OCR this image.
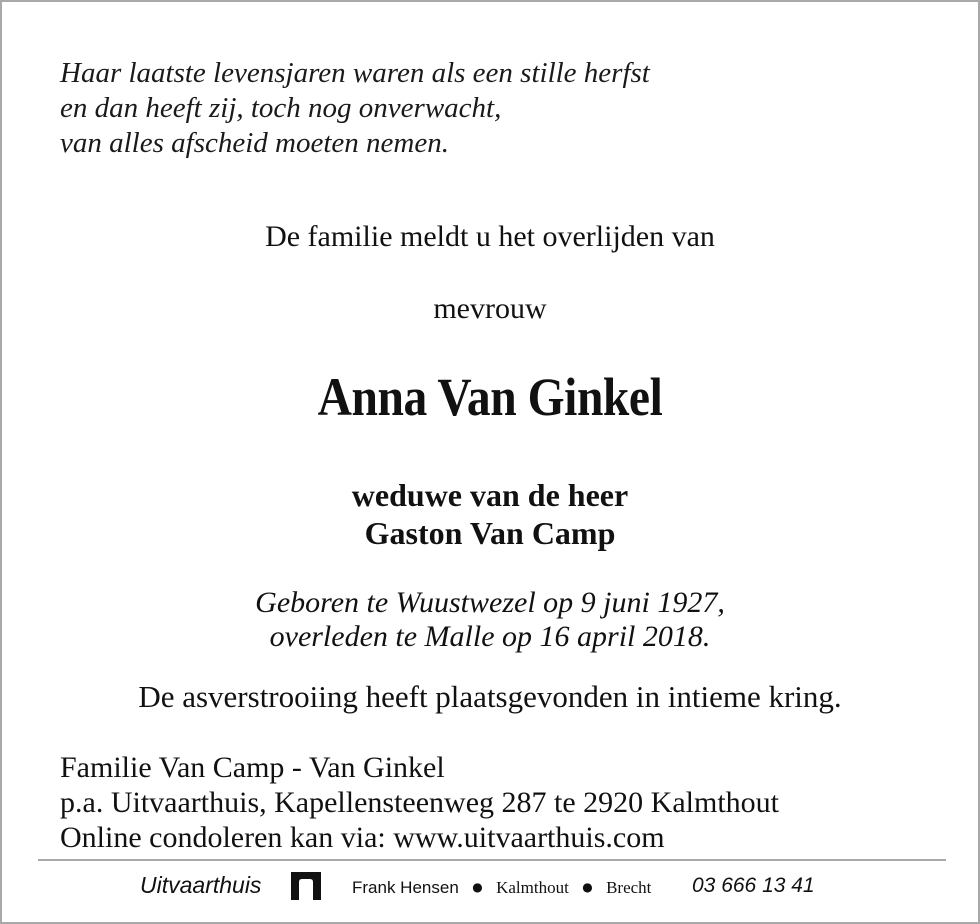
Haar laatste levensjaren waren als een stille herfst
en dan heeft zij, toch nog onverwacht,
van alles afscheid moeten nemen.
De familie meldt u het overlijden van
mevrouw
Anna Van Ginkel
weduwe van de heer
Gaston Van Camp
Geboren te Wuustwezel op 9 juni 1927,
overleden te Malle op 16 april 2018.
De asverstrooiing heeft plaatsgevonden in intieme kring.
Familie Van Camp - Van Ginkel
p.a. Uitvaarthuis, Kapellensteenweg 287 te 2920 Kalmthout
Online condoleren kan via: www.uitvaarthuis.com
Uitvaarthuis	Frank Hensen ● Kalmthout ● Brecht 03 666 13 41
